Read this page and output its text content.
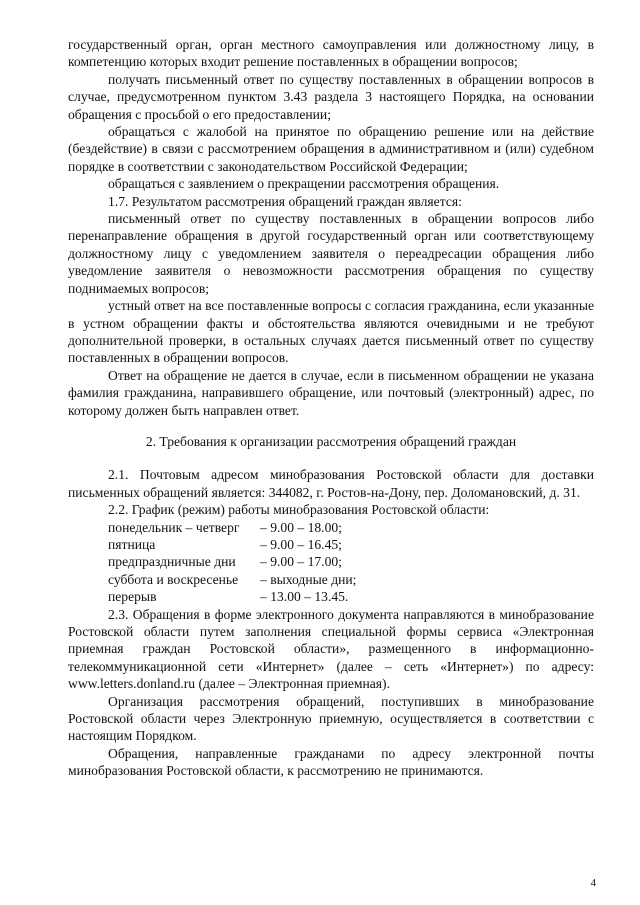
государственный орган, орган местного самоуправления или должностному лицу, в компетенцию которых входит решение поставленных в обращении вопросов;

получать письменный ответ по существу поставленных в обращении вопросов в случае, предусмотренном пунктом 3.43 раздела 3 настоящего Порядка, на основании обращения с просьбой о его предоставлении;

обращаться с жалобой на принятое по обращению решение или на действие (бездействие) в связи с рассмотрением обращения в административном и (или) судебном порядке в соответствии с законодательством Российской Федерации;

обращаться с заявлением о прекращении рассмотрения обращения.

1.7. Результатом рассмотрения обращений граждан является:

письменный ответ по существу поставленных в обращении вопросов либо перенаправление обращения в другой государственный орган или соответствующему должностному лицу с уведомлением заявителя о переадресации обращения либо уведомление заявителя о невозможности рассмотрения обращения по существу поднимаемых вопросов;

устный ответ на все поставленные вопросы с согласия гражданина, если указанные в устном обращении факты и обстоятельства являются очевидными и не требуют дополнительной проверки, в остальных случаях дается письменный ответ по существу поставленных в обращении вопросов.

Ответ на обращение не дается в случае, если в письменном обращении не указана фамилия гражданина, направившего обращение, или почтовый (электронный) адрес, по которому должен быть направлен ответ.

2. Требования к организации рассмотрения обращений граждан

2.1. Почтовым адресом минобразования Ростовской области для доставки письменных обращений является: 344082, г. Ростов-на-Дону, пер. Доломановский, д. 31.

2.2. График (режим) работы минобразования Ростовской области:

понедельник – четверг	– 9.00 – 18.00;
пятница	– 9.00 – 16.45;
предпраздничные дни	– 9.00 – 17.00;
суббота и воскресенье	– выходные дни;
перерыв	– 13.00 – 13.45.

2.3. Обращения в форме электронного документа направляются в минобразование Ростовской области путем заполнения специальной формы сервиса «Электронная приемная граждан Ростовской области», размещенного в информационно-телекоммуникационной сети «Интернет» (далее – сеть «Интернет») по адресу: www.letters.donland.ru (далее – Электронная приемная).

Организация рассмотрения обращений, поступивших в минобразование Ростовской области через Электронную приемную, осуществляется в соответствии с настоящим Порядком.

Обращения, направленные гражданами по адресу электронной почты минобразования Ростовской области, к рассмотрению не принимаются.

4
